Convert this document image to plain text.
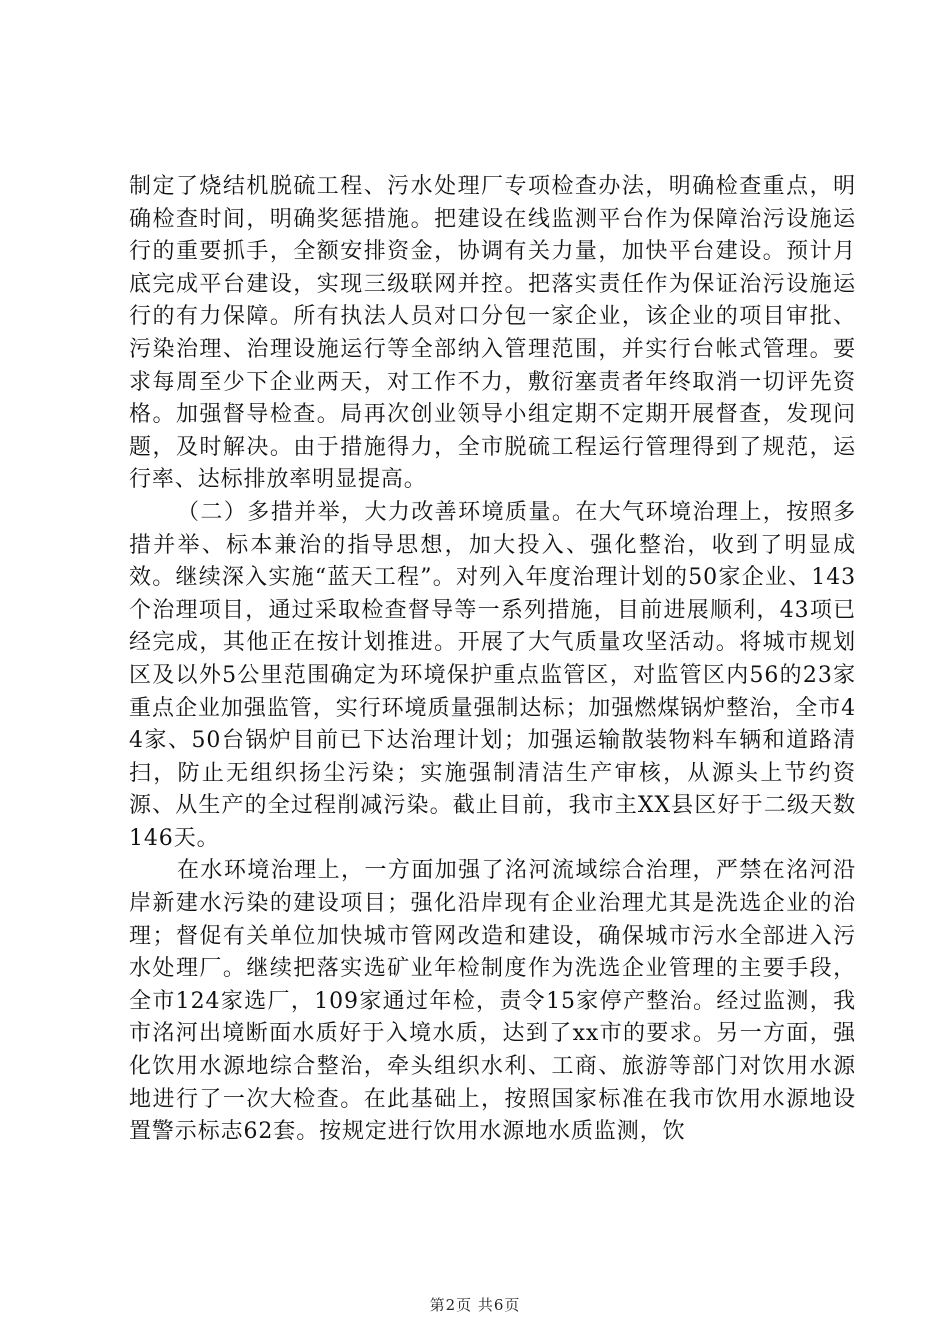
制定了烧结机脱硫工程、污水处理厂专项检查办法，明确检查重点，明确检查时间，明确奖惩措施。把建设在线监测平台作为保障治污设施运行的重要抓手，全额安排资金，协调有关力量，加快平台建设。预计月底完成平台建设，实现三级联网并控。把落实责任作为保证治污设施运行的有力保障。所有执法人员对口分包一家企业，该企业的项目审批、污染治理、治理设施运行等全部纳入管理范围，并实行台帐式管理。要求每周至少下企业两天，对工作不力，敷衍塞责者年终取消一切评先资格。加强督导检查。局再次创业领导小组定期不定期开展督查，发现问题，及时解决。由于措施得力，全市脱硫工程运行管理得到了规范，运行率、达标排放率明显提高。

（二）多措并举，大力改善环境质量。在大气环境治理上，按照多措并举、标本兼治的指导思想，加大投入、强化整治，收到了明显成效。继续深入实施“蓝天工程”。对列入年度治理计划的50家企业、143个治理项目，通过采取检查督导等一系列措施，目前进展顺利，43项已经完成，其他正在按计划推进。开展了大气质量攻坚活动。将城市规划区及以外5公里范围确定为环境保护重点监管区，对监管区内56的23家重点企业加强监管，实行环境质量强制达标；加强燃煤锅炉整治，全市44家、50台锅炉目前已下达治理计划；加强运输散装物料车辆和道路清扫，防止无组织扬尘污染；实施强制清洁生产审核，从源头上节约资源、从生产的全过程削减污染。截止目前，我市主XX县区好于二级天数146天。

在水环境治理上，一方面加强了洺河流域综合治理，严禁在洺河沿岸新建水污染的建设项目；强化沿岸现有企业治理尤其是洗选企业的治理；督促有关单位加快城市管网改造和建设，确保城市污水全部进入污水处理厂。继续把落实选矿业年检制度作为洗选企业管理的主要手段，全市124家选厂，109家通过年检，责令15家停产整治。经过监测，我市洺河出境断面水质好于入境水质，达到了xx市的要求。另一方面，强化饮用水源地综合整治，牵头组织水利、工商、旅游等部门对饮用水源地进行了一次大检查。在此基础上，按照国家标准在我市饮用水源地设置警示标志62套。按规定进行饮用水源地水质监测，饮

第2页 共6页
